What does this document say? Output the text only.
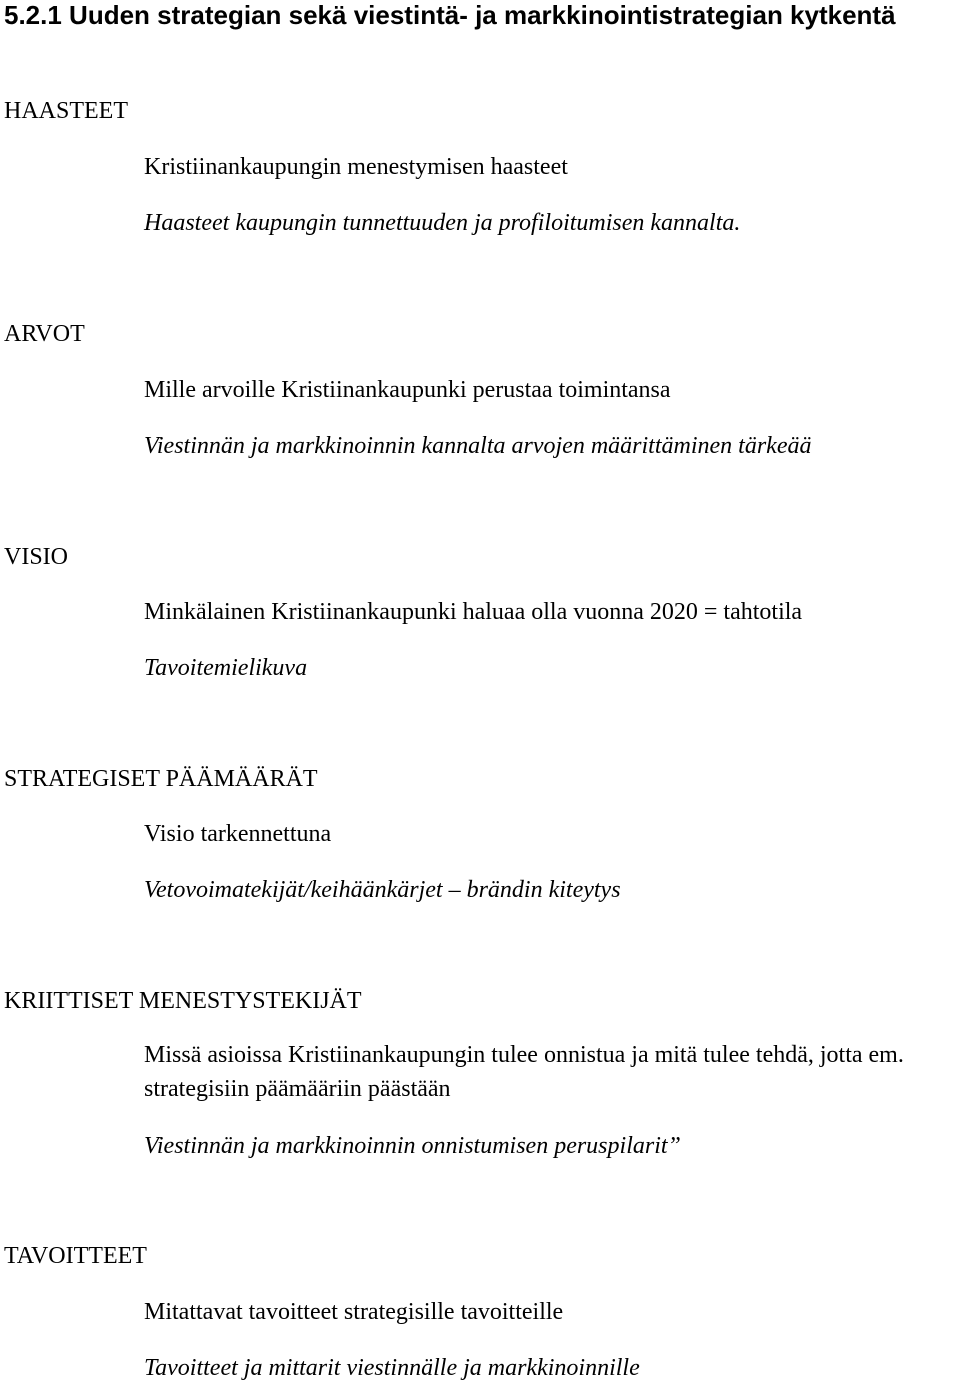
5.2.1 Uuden strategian sekä viestintä- ja markkinointistrategian kytkentä
HAASTEET
Kristiinankaupungin menestymisen haasteet
Haasteet kaupungin tunnettuuden ja profiloitumisen kannalta.
ARVOT
Mille arvoille Kristiinankaupunki perustaa toimintansa
Viestinnän ja markkinoinnin kannalta arvojen määrittäminen tärkeää
VISIO
Minkälainen Kristiinankaupunki haluaa olla vuonna 2020 = tahtotila
Tavoitemielikuva
STRATEGISET PÄÄMÄÄRÄT
Visio tarkennettuna
Vetovoimatekijät/keihäänkärjet – brändin kiteytys
KRIITTISET MENESTYSTEKIJÄT
Missä asioissa Kristiinankaupungin tulee onnistua ja mitä tulee tehdä, jotta em. strategisiin päämääriin päästään
Viestinnän ja markkinoinnin onnistumisen peruspilarit”
TAVOITTEET
Mitattavat tavoitteet strategisille tavoitteille
Tavoitteet ja mittarit viestinnälle ja markkinoinnille
